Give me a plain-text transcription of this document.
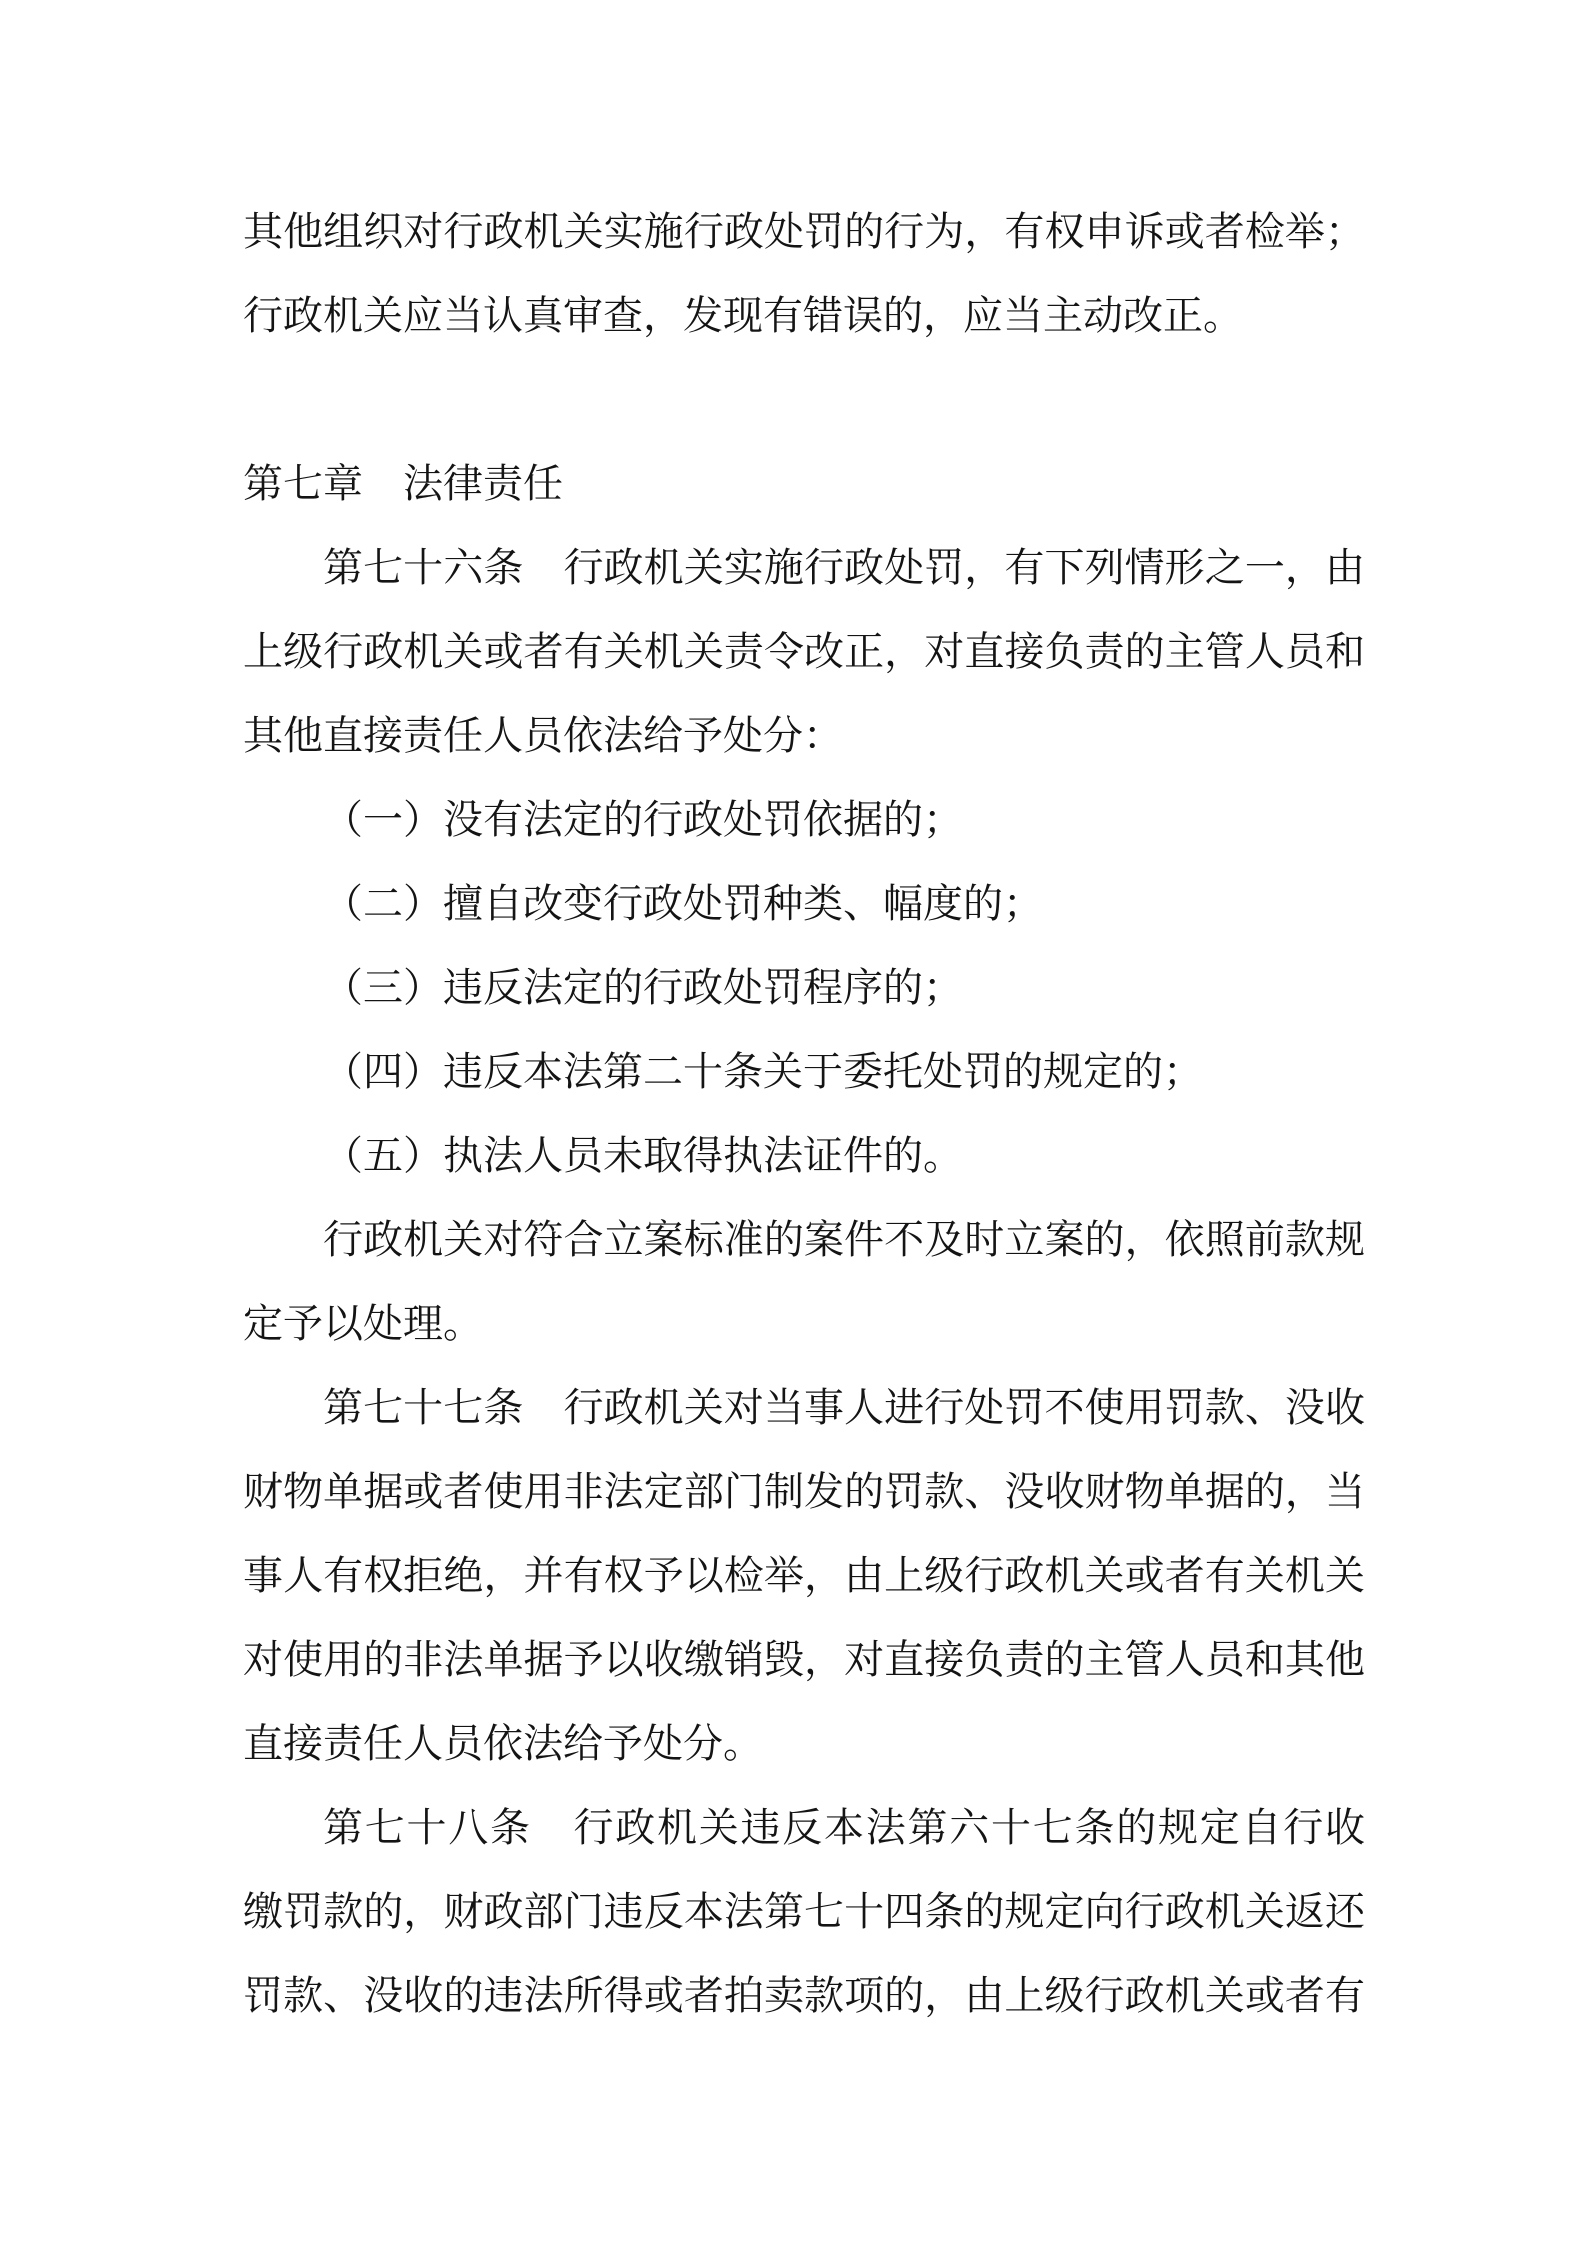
其他组织对行政机关实施行政处罚的行为，有权申诉或者检举；
行政机关应当认真审查，发现有错误的，应当主动改正。
第七章　法律责任
第七十六条　行政机关实施行政处罚，有下列情形之一，由
上级行政机关或者有关机关责令改正，对直接负责的主管人员和
其他直接责任人员依法给予处分：
（一）没有法定的行政处罚依据的；
（二）擅自改变行政处罚种类、幅度的；
（三）违反法定的行政处罚程序的；
（四）违反本法第二十条关于委托处罚的规定的；
（五）执法人员未取得执法证件的。
行政机关对符合立案标准的案件不及时立案的，依照前款规
定予以处理。
第七十七条　行政机关对当事人进行处罚不使用罚款、没收
财物单据或者使用非法定部门制发的罚款、没收财物单据的，当
事人有权拒绝，并有权予以检举，由上级行政机关或者有关机关
对使用的非法单据予以收缴销毁，对直接负责的主管人员和其他
直接责任人员依法给予处分。
第七十八条　行政机关违反本法第六十七条的规定自行收
缴罚款的，财政部门违反本法第七十四条的规定向行政机关返还
罚款、没收的违法所得或者拍卖款项的，由上级行政机关或者有
